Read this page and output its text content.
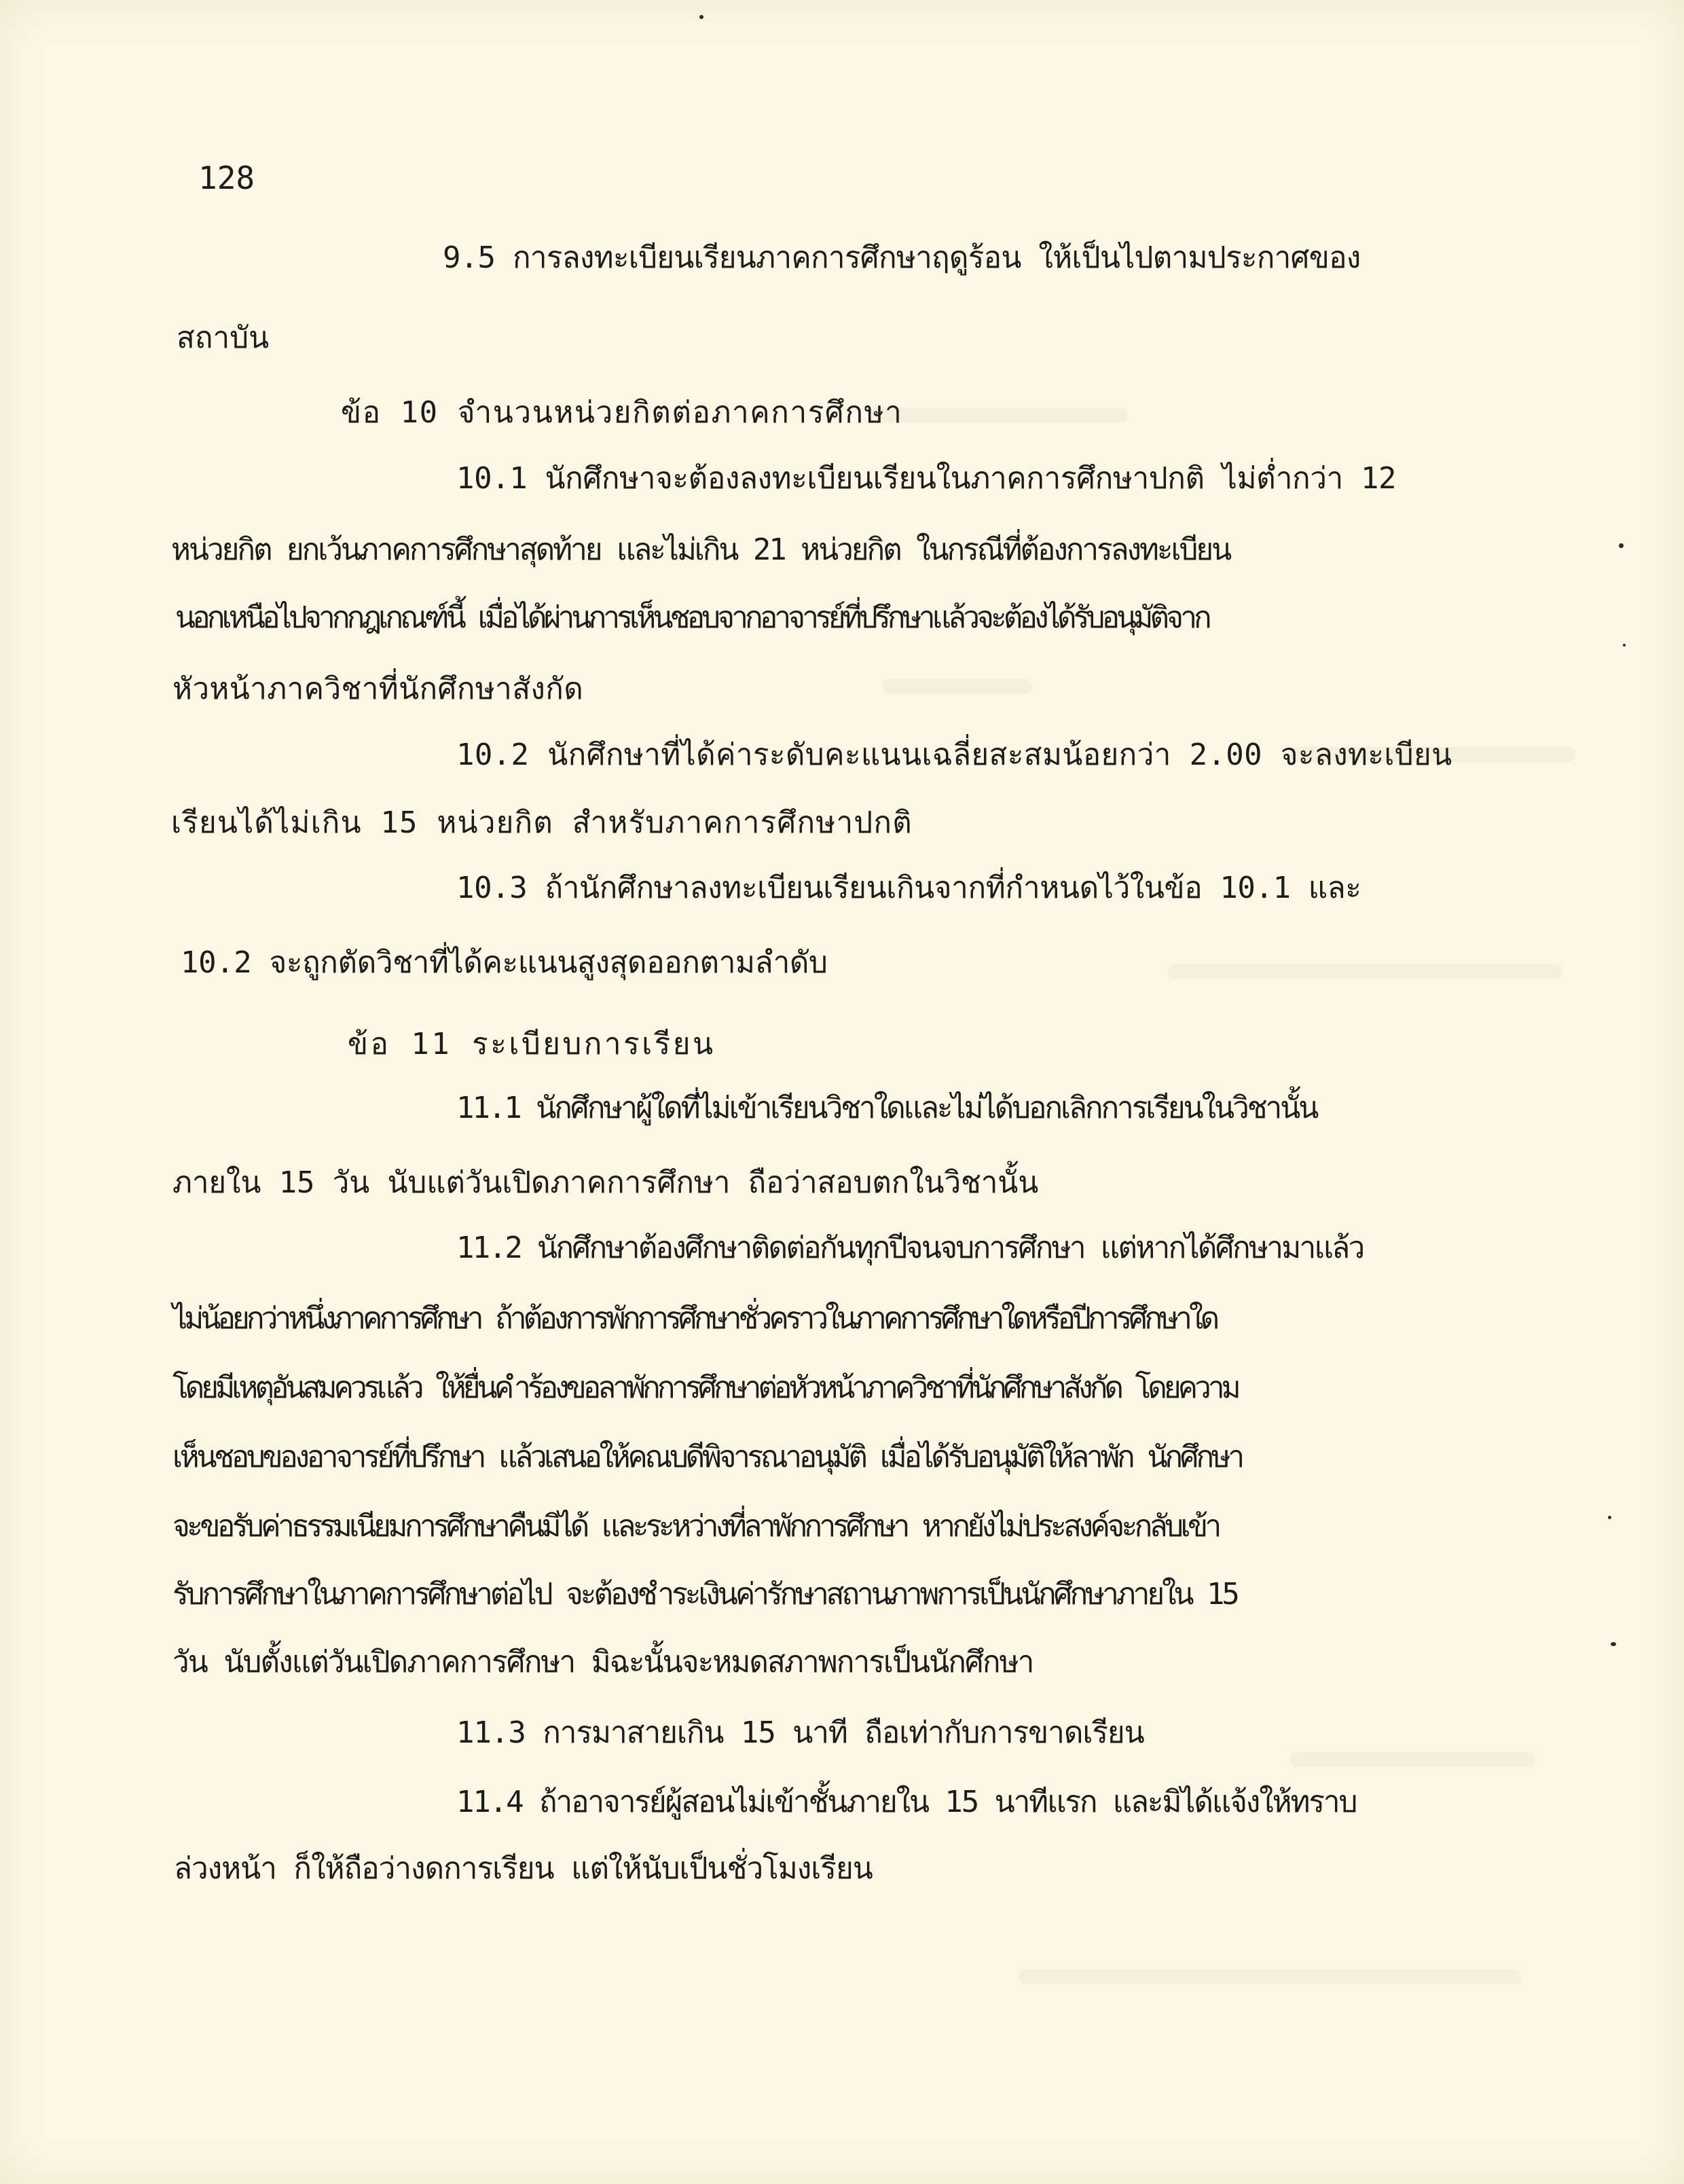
128
9.5 การลงทะเบียนเรียนภาคการศึกษาฤดูร้อน ให้เป็นไปตามประกาศของ
สถาบัน
ข้อ 10 จำนวนหน่วยกิตต่อภาคการศึกษา
10.1 นักศึกษาจะต้องลงทะเบียนเรียนในภาคการศึกษาปกติ ไม่ต่ำกว่า 12
หน่วยกิต ยกเว้นภาคการศึกษาสุดท้าย และไม่เกิน 21 หน่วยกิต ในกรณีที่ต้องการลงทะเบียน
นอกเหนือไปจากกฎเกณฑ์นี้ เมื่อได้ผ่านการเห็นชอบจากอาจารย์ที่ปรึกษาแล้วจะต้องได้รับอนุมัติจาก
หัวหน้าภาควิชาที่นักศึกษาสังกัด
10.2 นักศึกษาที่ได้ค่าระดับคะแนนเฉลี่ยสะสมน้อยกว่า 2.00 จะลงทะเบียน
เรียนได้ไม่เกิน 15 หน่วยกิต สำหรับภาคการศึกษาปกติ
10.3 ถ้านักศึกษาลงทะเบียนเรียนเกินจากที่กำหนดไว้ในข้อ 10.1 และ
10.2 จะถูกตัดวิชาที่ได้คะแนนสูงสุดออกตามลำดับ
ข้อ 11 ระเบียบการเรียน
11.1 นักศึกษาผู้ใดที่ไม่เข้าเรียนวิชาใดและไม่ได้บอกเลิกการเรียนในวิชานั้น
ภายใน 15 วัน นับแต่วันเปิดภาคการศึกษา ถือว่าสอบตกในวิชานั้น
11.2 นักศึกษาต้องศึกษาติดต่อกันทุกปีจนจบการศึกษา แต่หากได้ศึกษามาแล้ว
ไม่น้อยกว่าหนึ่งภาคการศึกษา ถ้าต้องการพักการศึกษาชั่วคราวในภาคการศึกษาใดหรือปีการศึกษาใด
โดยมีเหตุอันสมควรแล้ว ให้ยื่นคำร้องขอลาพักการศึกษาต่อหัวหน้าภาควิชาที่นักศึกษาสังกัด โดยความ
เห็นชอบของอาจารย์ที่ปรึกษา แล้วเสนอให้คณบดีพิจารณาอนุมัติ เมื่อได้รับอนุมัติให้ลาพัก นักศึกษา
จะขอรับค่าธรรมเนียมการศึกษาคืนมิได้ และระหว่างที่ลาพักการศึกษา หากยังไม่ประสงค์จะกลับเข้า
รับการศึกษาในภาคการศึกษาต่อไป จะต้องชำระเงินค่ารักษาสถานภาพการเป็นนักศึกษาภายใน 15
วัน นับตั้งแต่วันเปิดภาคการศึกษา มิฉะนั้นจะหมดสภาพการเป็นนักศึกษา
11.3 การมาสายเกิน 15 นาที ถือเท่ากับการขาดเรียน
11.4 ถ้าอาจารย์ผู้สอนไม่เข้าชั้นภายใน 15 นาทีแรก และมิได้แจ้งให้ทราบ
ล่วงหน้า ก็ให้ถือว่างดการเรียน แต่ให้นับเป็นชั่วโมงเรียน
